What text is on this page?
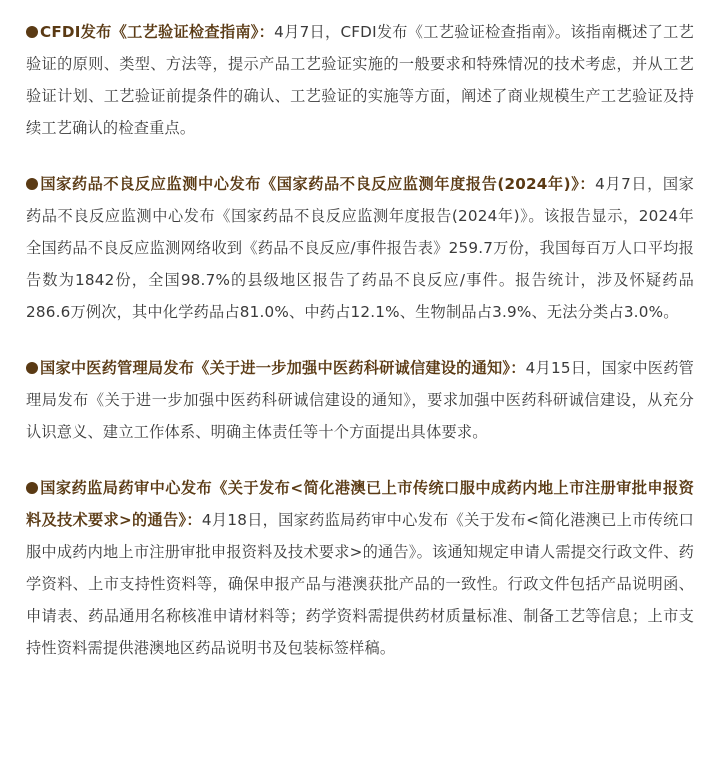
CFDI发布《工艺验证检查指南》：4月7日，CFDI发布《工艺验证检查指南》。该指南概述了工艺验证的原则、类型、方法等，提示产品工艺验证实施的一般要求和特殊情况的技术考虑，并从工艺验证计划、工艺验证前提条件的确认、工艺验证的实施等方面，阐述了商业规模生产工艺验证及持续工艺确认的检查重点。

国家药品不良反应监测中心发布《国家药品不良反应监测年度报告(2024年)》：4月7日，国家药品不良反应监测中心发布《国家药品不良反应监测年度报告(2024年)》。该报告显示，2024年全国药品不良反应监测网络收到《药品不良反应/事件报告表》259.7万份，我国每百万人口平均报告数为1842份，全国98.7%的县级地区报告了药品不良反应/事件。报告统计，涉及怀疑药品286.6万例次，其中化学药品占81.0%、中药占12.1%、生物制品占3.9%、无法分类占3.0%。

国家中医药管理局发布《关于进一步加强中医药科研诚信建设的通知》：4月15日，国家中医药管理局发布《关于进一步加强中医药科研诚信建设的通知》，要求加强中医药科研诚信建设，从充分认识意义、建立工作体系、明确主体责任等十个方面提出具体要求。

国家药监局药审中心发布《关于发布<简化港澳已上市传统口服中成药内地上市注册审批申报资料及技术要求>的通告》：4月18日，国家药监局药审中心发布《关于发布<简化港澳已上市传统口服中成药内地上市注册审批申报资料及技术要求>的通告》。该通知规定申请人需提交行政文件、药学资料、上市支持性资料等，确保申报产品与港澳获批产品的一致性。行政文件包括产品说明函、申请表、药品通用名称核准申请材料等；药学资料需提供药材质量标准、制备工艺等信息；上市支持性资料需提供港澳地区药品说明书及包装标签样稿。
